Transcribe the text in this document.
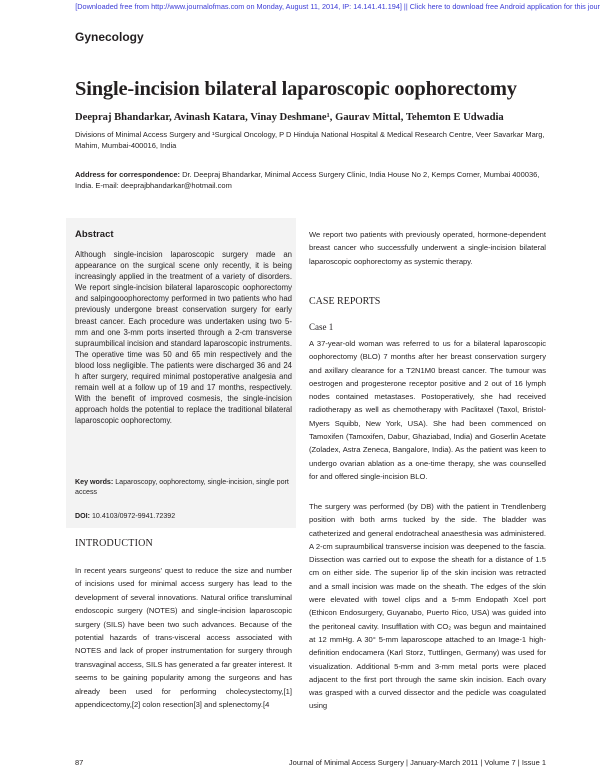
[Downloaded free from http://www.journalofmas.com on Monday, August 11, 2014, IP: 14.141.41.194] || Click here to download free Android application for this jour
Gynecology
Single-incision bilateral laparoscopic oophorectomy
Deepraj Bhandarkar, Avinash Katara, Vinay Deshmane¹, Gaurav Mittal, Tehemton E Udwadia
Divisions of Minimal Access Surgery and ¹Surgical Oncology, P D Hinduja National Hospital & Medical Research Centre, Veer Savarkar Marg, Mahim, Mumbai-400016, India
Address for correspondence: Dr. Deepraj Bhandarkar, Minimal Access Surgery Clinic, India House No 2, Kemps Corner, Mumbai 400036, India. E-mail: deeprajbhandarkar@hotmail.com
Abstract
Although single-incision laparoscopic surgery made an appearance on the surgical scene only recently, it is being increasingly applied in the treatment of a variety of disorders. We report single-incision bilateral laparoscopic oophorectomy and salpingooophorectomy performed in two patients who had previously undergone breast conservation surgery for early breast cancer. Each procedure was undertaken using two 5-mm and one 3-mm ports inserted through a 2-cm transverse supraumbilical incision and standard laparoscopic instruments. The operative time was 50 and 65 min respectively and the blood loss negligible. The patients were discharged 36 and 24 h after surgery, required minimal postoperative analgesia and remain well at a follow up of 19 and 17 months, respectively. With the benefit of improved cosmesis, the single-incision approach holds the potential to replace the traditional bilateral laparoscopic oophorectomy.
Key words: Laparoscopy, oophorectomy, single-incision, single port access
DOI: 10.4103/0972-9941.72392
INTRODUCTION
In recent years surgeons' quest to reduce the size and number of incisions used for minimal access surgery has lead to the development of several innovations. Natural orifice transluminal endoscopic surgery (NOTES) and single-incision laparoscopic surgery (SILS) have been two such advances. Because of the potential hazards of trans-visceral access associated with NOTES and lack of proper instrumentation for surgery through transvaginal access, SILS has generated a far greater interest. It seems to be gaining popularity among the surgeons and has already been used for performing cholecystectomy,[1] appendicectomy,[2] colon resection[3] and splenectomy.[4
We report two patients with previously operated, hormone-dependent breast cancer who successfully underwent a single-incision bilateral laparoscopic oophorectomy as systemic therapy.
CASE REPORTS
Case 1
A 37-year-old woman was referred to us for a bilateral laparoscopic oophorectomy (BLO) 7 months after her breast conservation surgery and axillary clearance for a T2N1M0 breast cancer. The tumour was oestrogen and progesterone receptor positive and 2 out of 16 lymph nodes contained metastases. Postoperatively, she had received radiotherapy as well as chemotherapy with Paclitaxel (Taxol, Bristol-Myers Squibb, New York, USA). She had been commenced on Tamoxifen (Tamoxifen, Dabur, Ghaziabad, India) and Goserlin Acetate (Zoladex, Astra Zeneca, Bangalore, India). As the patient was keen to undergo ovarian ablation as a one-time therapy, she was counselled for and offered single-incision BLO.
The surgery was performed (by DB) with the patient in Trendlenberg position with both arms tucked by the side. The bladder was catheterized and general endotracheal anaesthesia was administered. A 2-cm supraumbilical transverse incision was deepened to the fascia. Dissection was carried out to expose the sheath for a distance of 1.5 cm on either side. The superior lip of the skin incision was retracted and a small incision was made on the sheath. The edges of the skin were elevated with towel clips and a 5-mm Endopath Xcel port (Ethicon Endosurgery, Guyanabo, Puerto Rico, USA) was guided into the peritoneal cavity. Insufflation with CO₂ was begun and maintained at 12 mmHg. A 30° 5-mm laparoscope attached to an Image-1 high-definition endocamera (Karl Storz, Tuttlingen, Germany) was used for visualization. Additional 5-mm and 3-mm metal ports were placed adjacent to the first port through the same skin incision. Each ovary was grasped with a curved dissector and the pedicle was coagulated using
87	Journal of Minimal Access Surgery | January-March 2011 | Volume 7 | Issue 1
